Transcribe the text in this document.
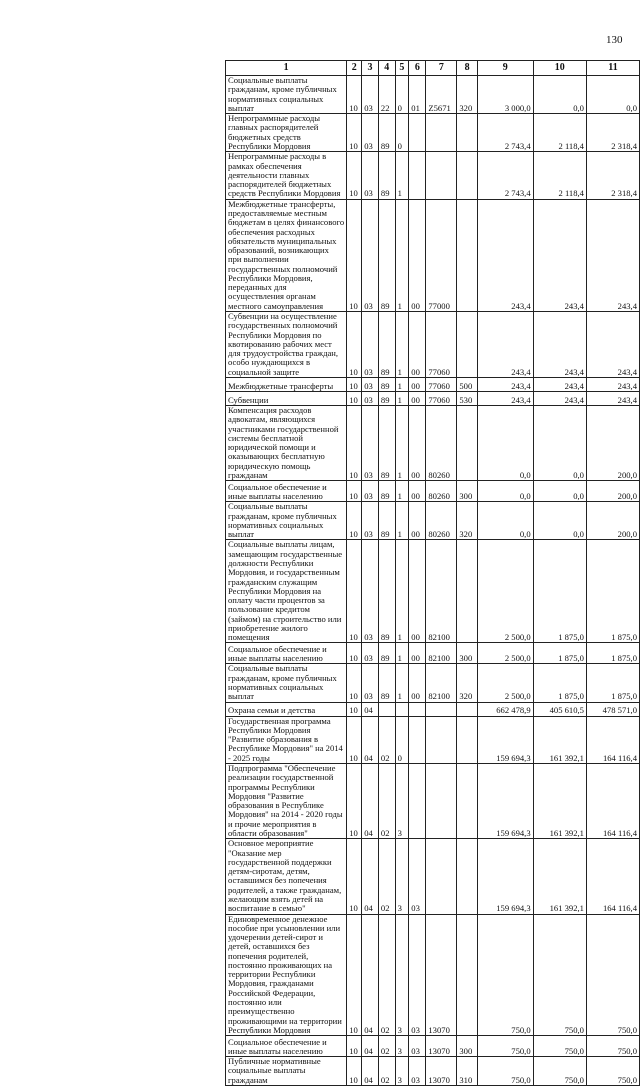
130
1	2	3	4	5	6	7	8	9	10	11
Социальные выплаты гражданам, кроме публичных нормативных социальных выплат	10	03	22	0	01	Z5671	320	3 000,0	0,0	0,0
Непрограммные расходы главных распорядителей бюджетных средств Республики Мордовия	10	03	89	0				2 743,4	2 118,4	2 318,4
Непрограммные расходы в рамках обеспечения деятельности главных распорядителей бюджетных средств Республики Мордовия	10	03	89	1				2 743,4	2 118,4	2 318,4
Межбюджетные трансферты, предоставляемые местным бюджетам в целях финансового обеспечения расходных обязательств муниципальных образований, возникающих при выполнении государственных полномочий Республики Мордовия, переданных для осуществления органам местного самоуправления	10	03	89	1	00	77000		243,4	243,4	243,4
Субвенции на осуществление государственных полномочий Республики Мордовия по квотированию рабочих мест для трудоустройства граждан, особо нуждающихся в социальной защите	10	03	89	1	00	77060		243,4	243,4	243,4
Межбюджетные трансферты	10	03	89	1	00	77060	500	243,4	243,4	243,4
Субвенции	10	03	89	1	00	77060	530	243,4	243,4	243,4
Компенсация расходов адвокатам, являющихся участниками государственной системы бесплатной юридической помощи и оказывающих бесплатную юридическую помощь гражданам	10	03	89	1	00	80260		0,0	0,0	200,0
Социальное обеспечение и иные выплаты населению	10	03	89	1	00	80260	300	0,0	0,0	200,0
Социальные выплаты гражданам, кроме публичных нормативных социальных выплат	10	03	89	1	00	80260	320	0,0	0,0	200,0
Социальные выплаты лицам, замещающим государственные должности Республики Мордовия, и государственным гражданским служащим Республики Мордовия на оплату части процентов за пользование кредитом (займом) на строительство или приобретение жилого помещения	10	03	89	1	00	82100		2 500,0	1 875,0	1 875,0
Социальное обеспечение и иные выплаты населению	10	03	89	1	00	82100	300	2 500,0	1 875,0	1 875,0
Социальные выплаты гражданам, кроме публичных нормативных социальных выплат	10	03	89	1	00	82100	320	2 500,0	1 875,0	1 875,0
Охрана семьи и детства	10	04						662 478,9	405 610,5	478 571,0
Государственная программа Республики Мордовия "Развитие образования в Республике Мордовия" на 2014 - 2025 годы	10	04	02	0				159 694,3	161 392,1	164 116,4
Подпрограмма "Обеспечение реализации государственной программы Республики Мордовия "Развитие образования в Республике Мордовия" на 2014 - 2020 годы и прочие мероприятия в области образования"	10	04	02	3				159 694,3	161 392,1	164 116,4
Основное мероприятие "Оказание мер государственной поддержки детям-сиротам, детям, оставшимся без попечения родителей, а также гражданам, желающим взять детей на воспитание в семью"	10	04	02	3	03			159 694,3	161 392,1	164 116,4
Единовременное денежное пособие при усыновлении или удочерении детей-сирот и детей, оставшихся без попечения родителей, постоянно проживающих на территории Республики Мордовия, гражданами Российской Федерации, постоянно или преимущественно проживающими на территории Республики Мордовия	10	04	02	3	03	13070		750,0	750,0	750,0
Социальное обеспечение и иные выплаты населению	10	04	02	3	03	13070	300	750,0	750,0	750,0
Публичные нормативные социальные выплаты гражданам	10	04	02	3	03	13070	310	750,0	750,0	750,0
